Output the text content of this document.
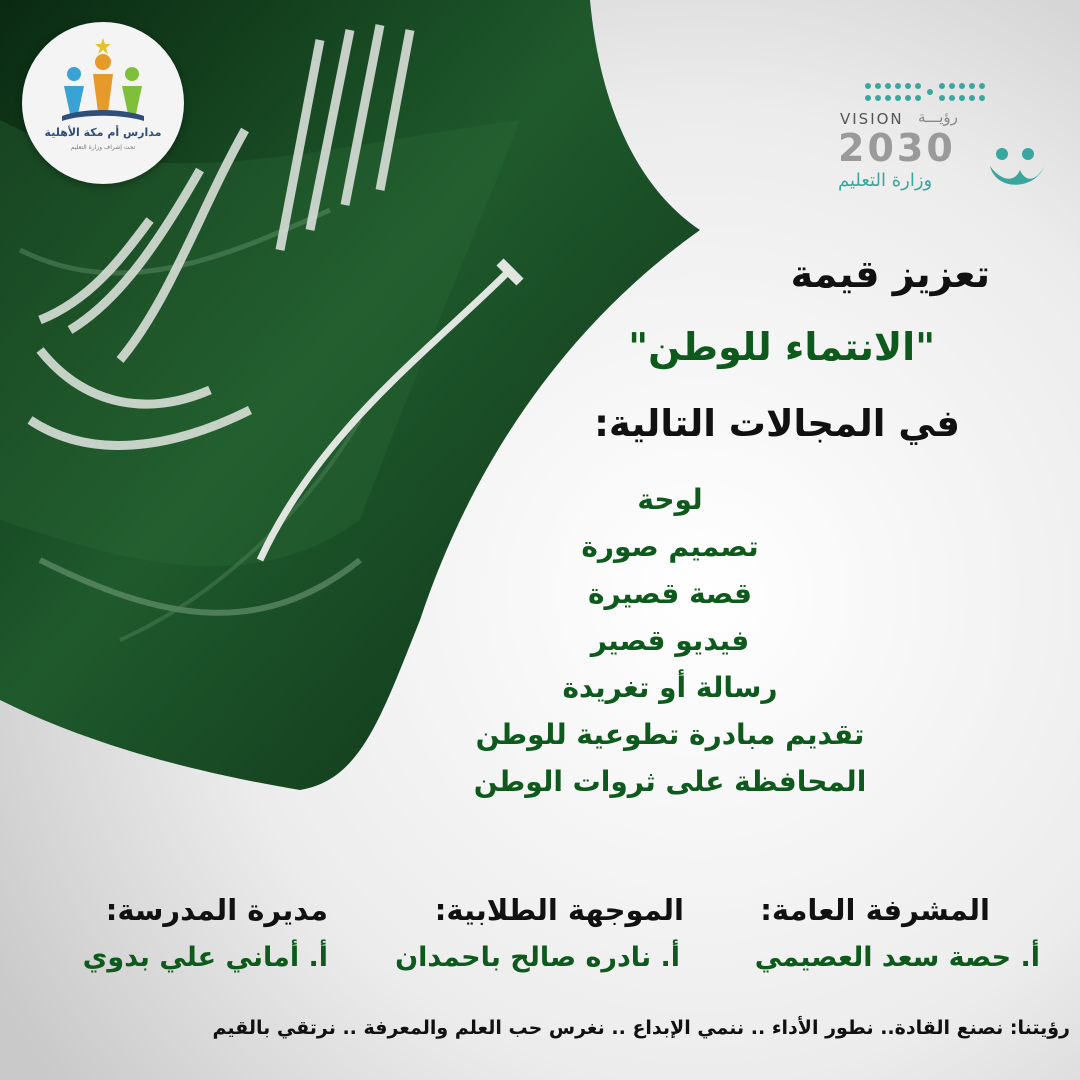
مدارس أم مكة الأهلية
تحت إشراف وزارة التعليم
VISION رؤيـــة
2030
وزارة التعليم
تعزيز قيمة
"الانتماء للوطن"
في المجالات التالية:
لوحة
تصميم صورة
قصة قصيرة
فيديو قصير
رسالة أو تغريدة
تقديم مبادرة تطوعية للوطن
المحافظة على ثروات الوطن
المشرفة العامة:
أ. حصة سعد العصيمي
الموجهة الطلابية:
أ. نادره صالح باحمدان
مديرة المدرسة:
أ. أماني علي بدوي
رؤيتنا: نصنع القادة.. نطور الأداء .. ننمي الإبداع .. نغرس حب العلم والمعرفة .. نرتقي بالقيم
